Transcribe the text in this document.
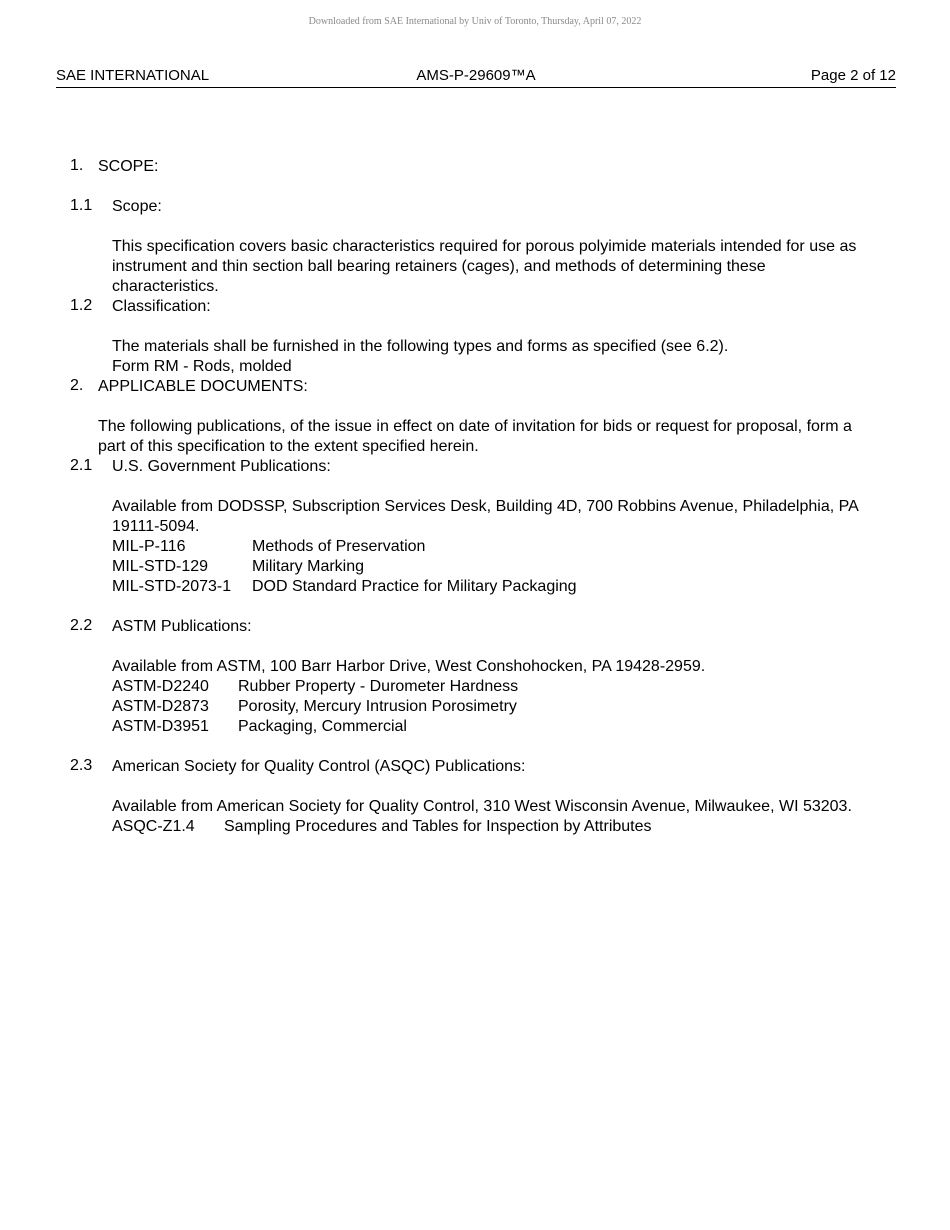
Downloaded from SAE International by Univ of Toronto, Thursday, April 07, 2022
SAE INTERNATIONAL	AMS-P-29609™A	Page 2 of 12
1. SCOPE:

1.1 Scope:

This specification covers basic characteristics required for porous polyimide materials intended for use as instrument and thin section ball bearing retainers (cages), and methods of determining these characteristics.

1.2 Classification:

The materials shall be furnished in the following types and forms as specified (see 6.2).

Form RM - Rods, molded

2. APPLICABLE DOCUMENTS:

The following publications, of the issue in effect on date of invitation for bids or request for proposal, form a part of this specification to the extent specified herein.

2.1 U.S. Government Publications:

Available from DODSSP, Subscription Services Desk, Building 4D, 700 Robbins Avenue, Philadelphia, PA 19111-5094.

MIL-P-116	Methods of Preservation
MIL-STD-129	Military Marking
MIL-STD-2073-1	DOD Standard Practice for Military Packaging
2.2 ASTM Publications:

Available from ASTM, 100 Barr Harbor Drive, West Conshohocken, PA 19428-2959.

ASTM-D2240	Rubber Property - Durometer Hardness
ASTM-D2873	Porosity, Mercury Intrusion Porosimetry
ASTM-D3951	Packaging, Commercial
2.3 American Society for Quality Control (ASQC) Publications:

Available from American Society for Quality Control, 310 West Wisconsin Avenue, Milwaukee, WI 53203.

ASQC-Z1.4	Sampling Procedures and Tables for Inspection by Attributes
